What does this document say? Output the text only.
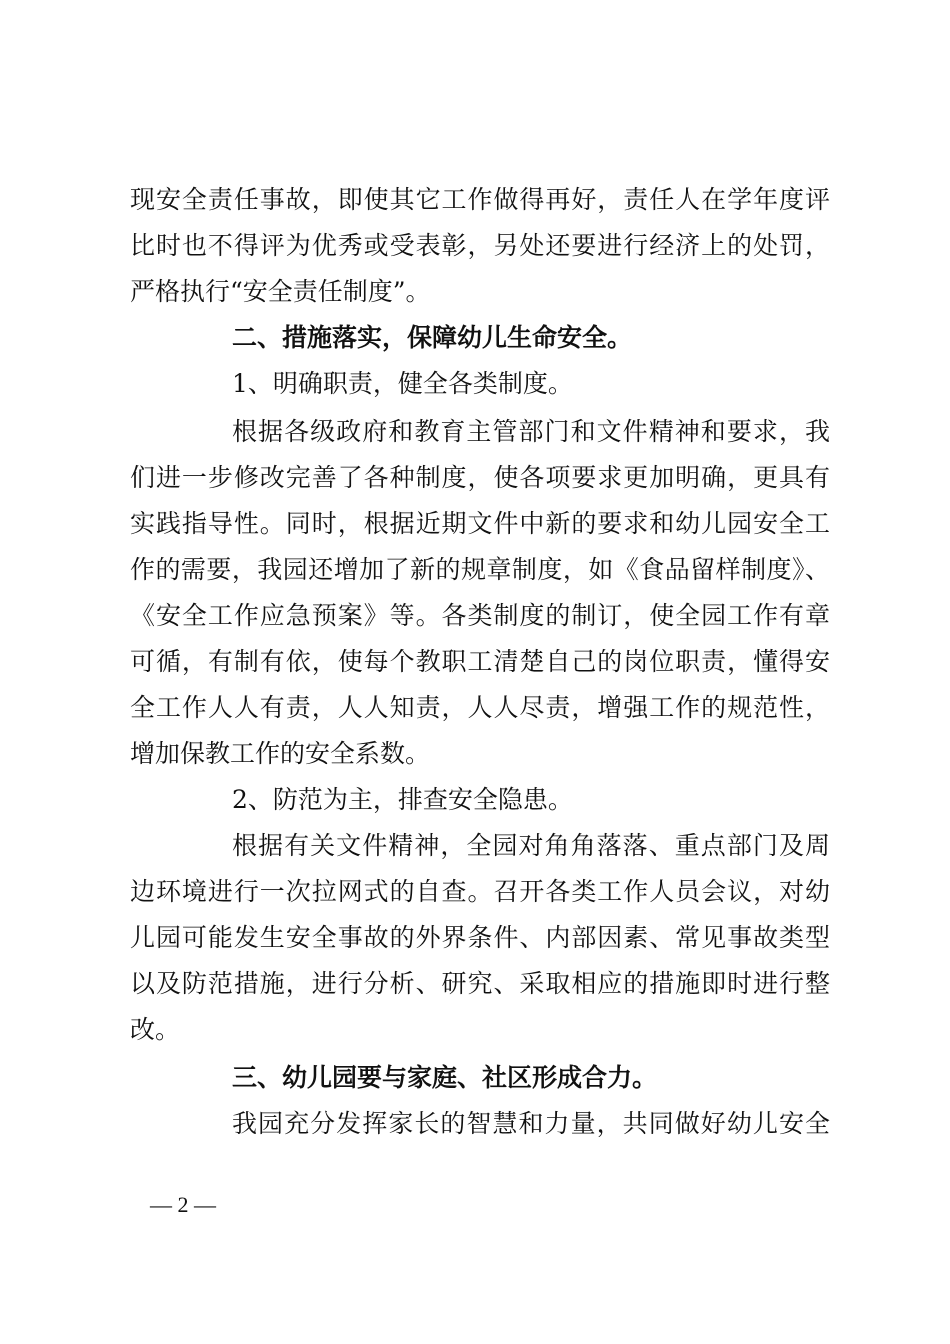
现安全责任事故，即使其它工作做得再好，责任人在学年度评
比时也不得评为优秀或受表彰，另处还要进行经济上的处罚，
严格执行“安全责任制度”。
二、措施落实，保障幼儿生命安全。
1、明确职责，健全各类制度。
根据各级政府和教育主管部门和文件精神和要求，我
们进一步修改完善了各种制度，使各项要求更加明确，更具有
实践指导性。同时，根据近期文件中新的要求和幼儿园安全工
作的需要，我园还增加了新的规章制度，如《食品留样制度》、
《安全工作应急预案》等。各类制度的制订，使全园工作有章
可循，有制有依，使每个教职工清楚自己的岗位职责，懂得安
全工作人人有责，人人知责，人人尽责，增强工作的规范性，
增加保教工作的安全系数。
2、防范为主，排查安全隐患。
根据有关文件精神，全园对角角落落、重点部门及周
边环境进行一次拉网式的自查。召开各类工作人员会议，对幼
儿园可能发生安全事故的外界条件、内部因素、常见事故类型
以及防范措施，进行分析、研究、采取相应的措施即时进行整
改。
三、幼儿园要与家庭、社区形成合力。
我园充分发挥家长的智慧和力量，共同做好幼儿安全
— 2 —
